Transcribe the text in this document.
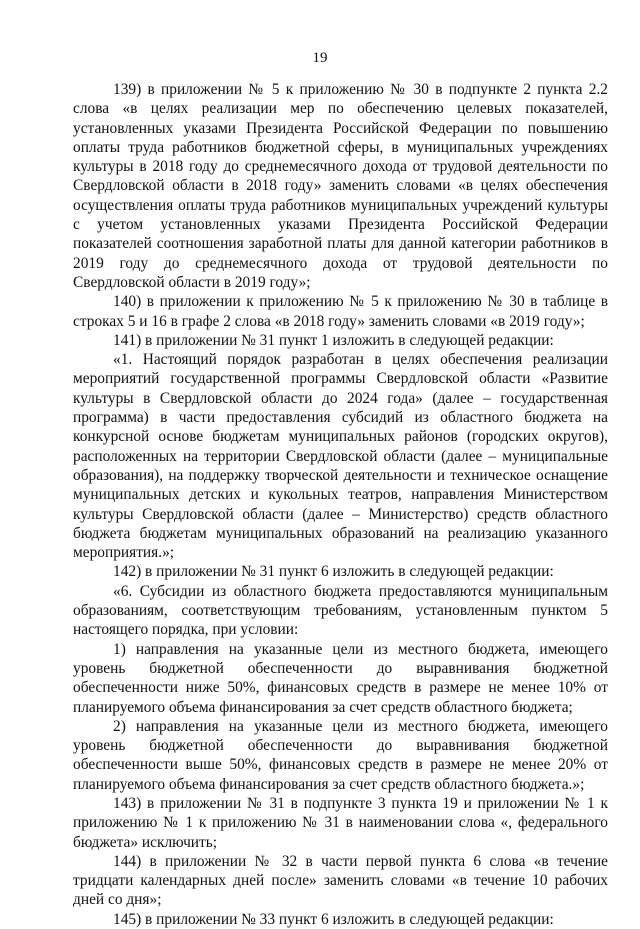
19

139) в приложении № 5 к приложению № 30 в подпункте 2 пункта 2.2 слова «в целях реализации мер по обеспечению целевых показателей, установленных указами Президента Российской Федерации по повышению оплаты труда работников бюджетной сферы, в муниципальных учреждениях культуры в 2018 году до среднемесячного дохода от трудовой деятельности по Свердловской области в 2018 году» заменить словами «в целях обеспечения осуществления оплаты труда работников муниципальных учреждений культуры с учетом установленных указами Президента Российской Федерации показателей соотношения заработной платы для данной категории работников в 2019 году до среднемесячного дохода от трудовой деятельности по Свердловской области в 2019 году»;

140) в приложении к приложению № 5 к приложению № 30 в таблице в строках 5 и 16 в графе 2 слова «в 2018 году» заменить словами «в 2019 году»;

141) в приложении № 31 пункт 1 изложить в следующей редакции:

«1. Настоящий порядок разработан в целях обеспечения реализации мероприятий государственной программы Свердловской области «Развитие культуры в Свердловской области до 2024 года» (далее – государственная программа) в части предоставления субсидий из областного бюджета на конкурсной основе бюджетам муниципальных районов (городских округов), расположенных на территории Свердловской области (далее – муниципальные образования), на поддержку творческой деятельности и техническое оснащение муниципальных детских и кукольных театров, направления Министерством культуры Свердловской области (далее – Министерство) средств областного бюджета бюджетам муниципальных образований на реализацию указанного мероприятия.»;

142) в приложении № 31 пункт 6 изложить в следующей редакции:

«6. Субсидии из областного бюджета предоставляются муниципальным образованиям, соответствующим требованиям, установленным пунктом 5 настоящего порядка, при условии:

1) направления на указанные цели из местного бюджета, имеющего уровень бюджетной обеспеченности до выравнивания бюджетной обеспеченности ниже 50%, финансовых средств в размере не менее 10% от планируемого объема финансирования за счет средств областного бюджета;

2) направления на указанные цели из местного бюджета, имеющего уровень бюджетной обеспеченности до выравнивания бюджетной обеспеченности выше 50%, финансовых средств в размере не менее 20% от планируемого объема финансирования за счет средств областного бюджета.»;

143) в приложении № 31 в подпункте 3 пункта 19 и приложении № 1 к приложению № 1 к приложению № 31 в наименовании слова «, федерального бюджета» исключить;

144) в приложении № 32 в части первой пункта 6 слова «в течение тридцати календарных дней после» заменить словами «в течение 10 рабочих дней со дня»;

145) в приложении № 33 пункт 6 изложить в следующей редакции:
